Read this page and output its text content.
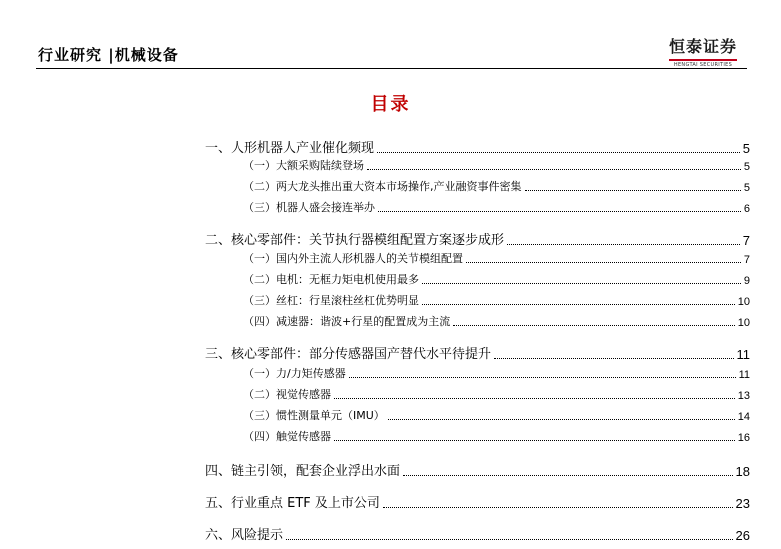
行业研究 |机械设备	恒泰证券
HENGTAI SECURITIES
目录
一、人形机器人产业催化频现	5
（一）大额采购陆续登场	5
（二）两大龙头推出重大资本市场操作,产业融资事件密集	5
（三）机器人盛会接连举办	6
二、核心零部件：关节执行器模组配置方案逐步成形	7
（一）国内外主流人形机器人的关节模组配置	7
（二）电机：无框力矩电机使用最多	9
（三）丝杠：行星滚柱丝杠优势明显	10
（四）减速器：谐波+行星的配置成为主流	10
三、核心零部件：部分传感器国产替代水平待提升	11
（一）力/力矩传感器	11
（二）视觉传感器	13
（三）惯性测量单元（IMU）	14
（四）触觉传感器	16
四、链主引领，配套企业浮出水面	18
五、行业重点 ETF 及上市公司	23
六、风险提示	26
